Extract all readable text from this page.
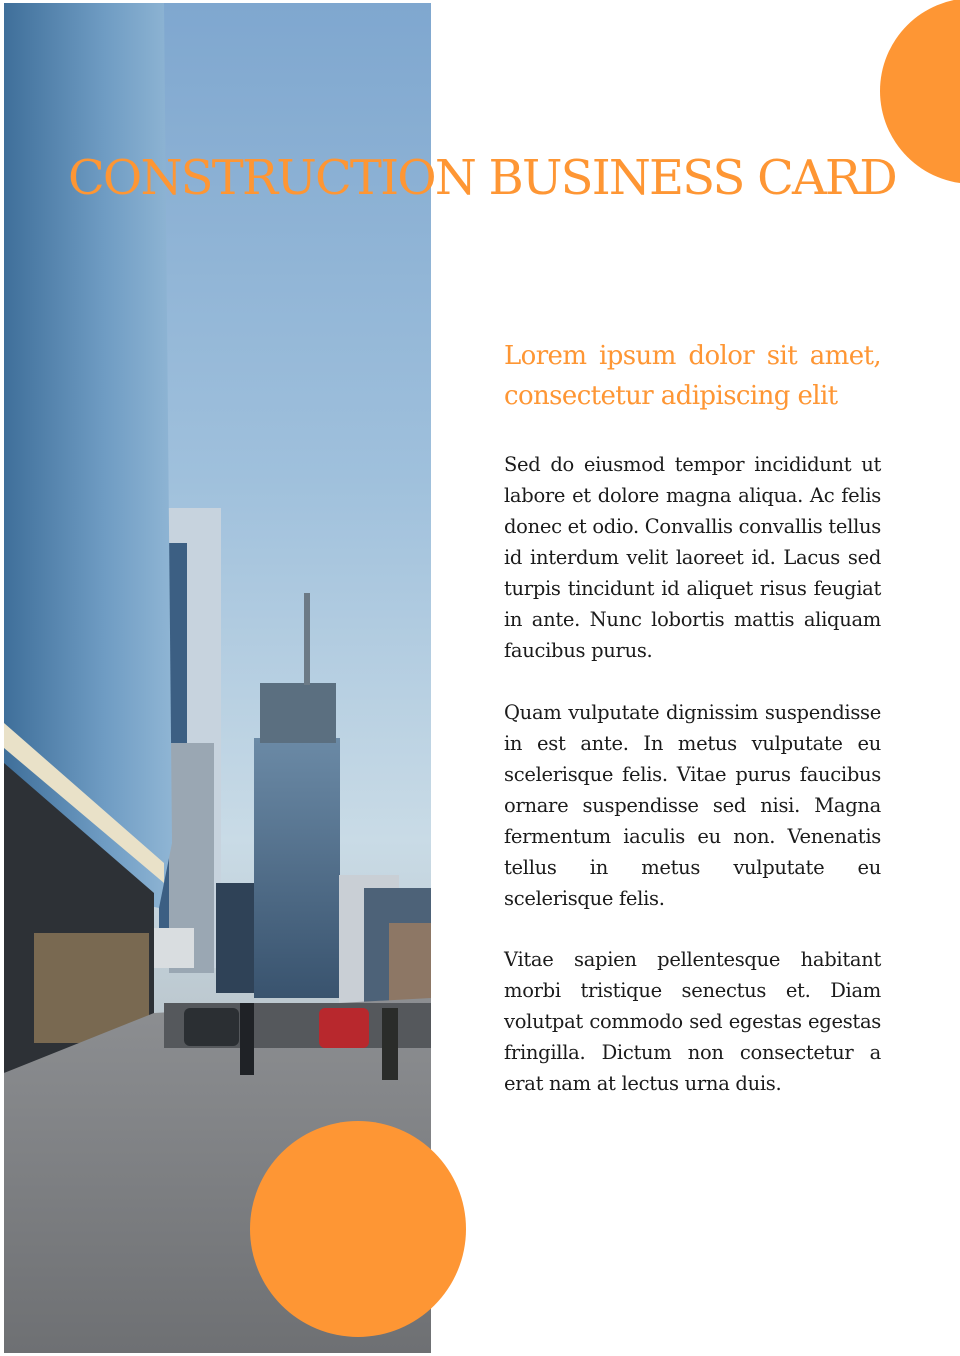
CONSTRUCTION BUSINESS CARD
Lorem ipsum dolor sit amet, consectetur adipiscing elit

Sed do eiusmod tempor incididunt ut labore et dolore magna aliqua. Ac felis donec et odio. Convallis convallis tellus id interdum velit laoreet id. Lacus sed turpis tincidunt id aliquet risus feugiat in ante. Nunc lobortis mattis aliquam faucibus purus.

Quam vulputate dignissim suspendisse in est ante. In metus vulputate eu scelerisque felis. Vitae purus faucibus ornare suspendisse sed nisi. Magna fermentum iaculis eu non. Venenatis tellus in metus vulputate eu scelerisque felis.

Vitae sapien pellentesque habitant morbi tristique senectus et. Diam volutpat commodo sed egestas egestas fringilla. Dictum non consectetur a erat nam at lectus urna duis.
